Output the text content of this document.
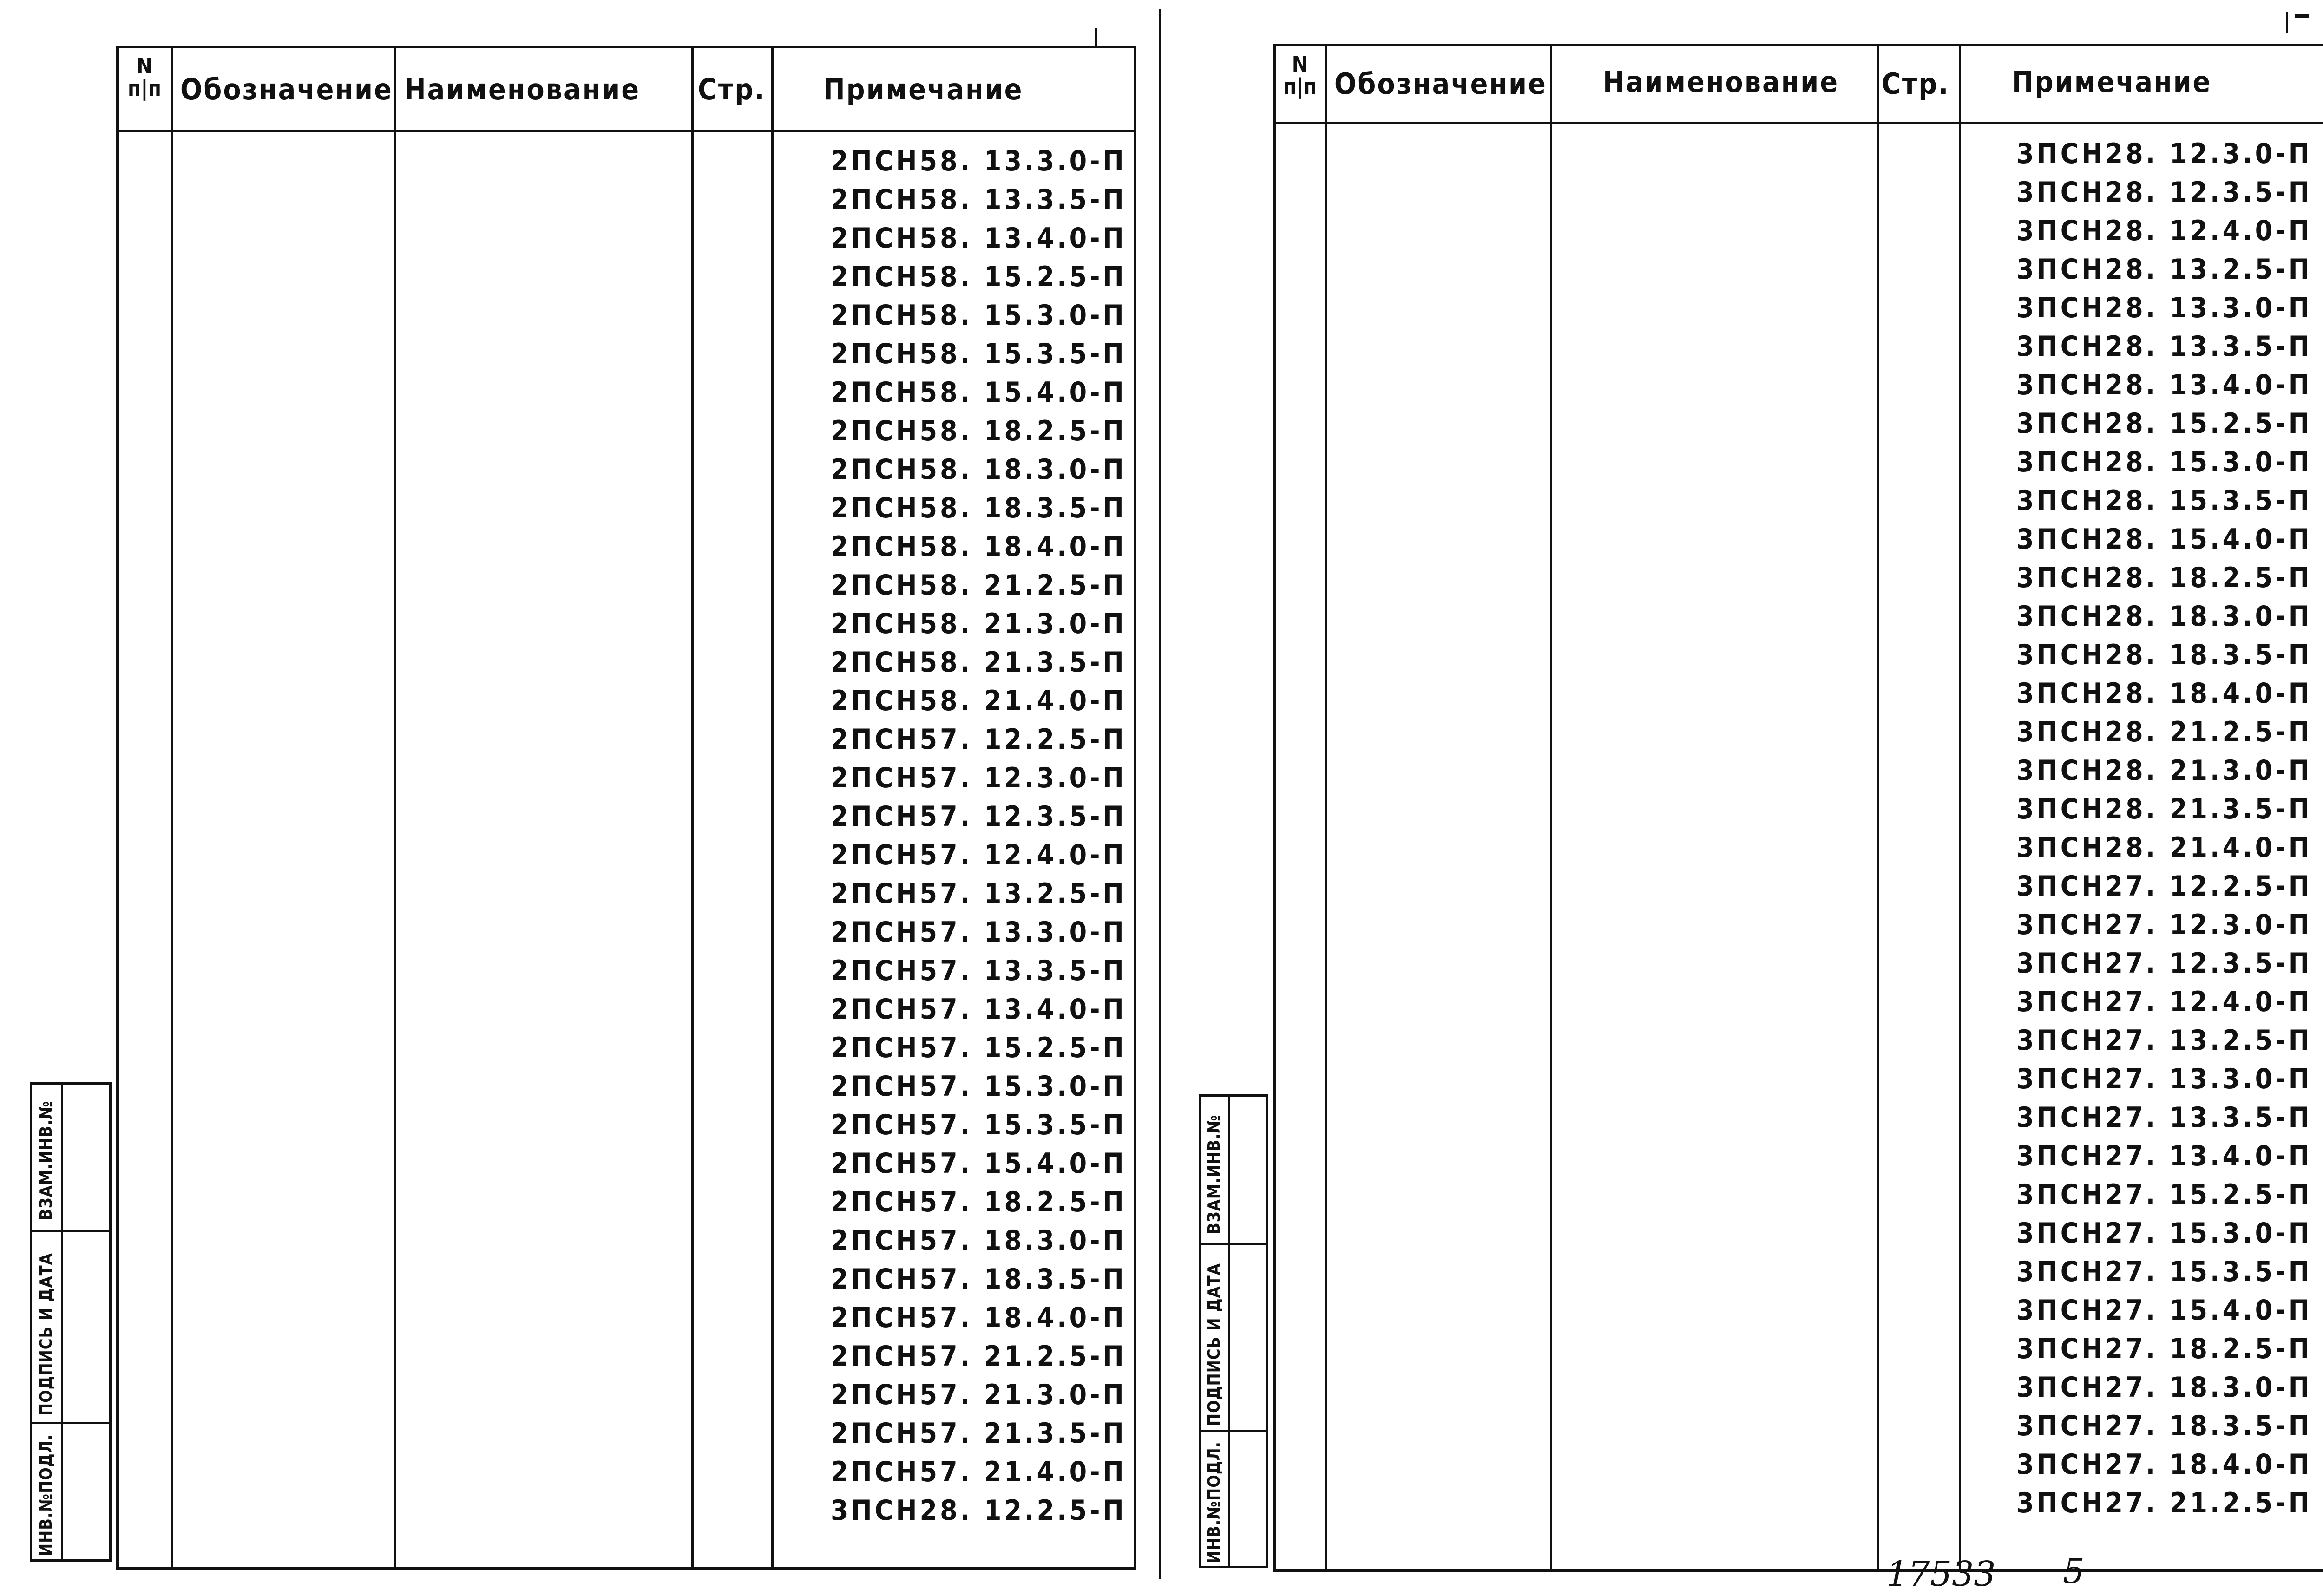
N
п|п Обозначение Наименование Стр. Примечание
2ПСН58. 13.3.0-П
2ПСН58. 13.3.5-П
2ПСН58. 13.4.0-П
2ПСН58. 15.2.5-П
2ПСН58. 15.3.0-П
2ПСН58. 15.3.5-П
2ПСН58. 15.4.0-П
2ПСН58. 18.2.5-П
2ПСН58. 18.3.0-П
2ПСН58. 18.3.5-П
2ПСН58. 18.4.0-П
2ПСН58. 21.2.5-П
2ПСН58. 21.3.0-П
2ПСН58. 21.3.5-П
2ПСН58. 21.4.0-П
2ПСН57. 12.2.5-П
2ПСН57. 12.3.0-П
2ПСН57. 12.3.5-П
2ПСН57. 12.4.0-П
2ПСН57. 13.2.5-П
2ПСН57. 13.3.0-П
2ПСН57. 13.3.5-П
2ПСН57. 13.4.0-П
2ПСН57. 15.2.5-П
2ПСН57. 15.3.0-П
2ПСН57. 15.3.5-П
2ПСН57. 15.4.0-П
2ПСН57. 18.2.5-П
2ПСН57. 18.3.0-П
2ПСН57. 18.3.5-П
2ПСН57. 18.4.0-П
2ПСН57. 21.2.5-П
2ПСН57. 21.3.0-П
2ПСН57. 21.3.5-П
2ПСН57. 21.4.0-П
3ПСН28. 12.2.5-П
ВЗАМ.ИНВ.№
ПОДПИСЬ И ДАТА
ИНВ.№ПОДЛ.
N
п|п Обозначение Наименование Стр. Примечание
3ПСН28. 12.3.0-П
3ПСН28. 12.3.5-П
3ПСН28. 12.4.0-П
3ПСН28. 13.2.5-П
3ПСН28. 13.3.0-П
3ПСН28. 13.3.5-П
3ПСН28. 13.4.0-П
3ПСН28. 15.2.5-П
3ПСН28. 15.3.0-П
3ПСН28. 15.3.5-П
3ПСН28. 15.4.0-П
3ПСН28. 18.2.5-П
3ПСН28. 18.3.0-П
3ПСН28. 18.3.5-П
3ПСН28. 18.4.0-П
3ПСН28. 21.2.5-П
3ПСН28. 21.3.0-П
3ПСН28. 21.3.5-П
3ПСН28. 21.4.0-П
3ПСН27. 12.2.5-П
3ПСН27. 12.3.0-П
3ПСН27. 12.3.5-П
3ПСН27. 12.4.0-П
3ПСН27. 13.2.5-П
3ПСН27. 13.3.0-П
3ПСН27. 13.3.5-П
3ПСН27. 13.4.0-П
3ПСН27. 15.2.5-П
3ПСН27. 15.3.0-П
3ПСН27. 15.3.5-П
3ПСН27. 15.4.0-П
3ПСН27. 18.2.5-П
3ПСН27. 18.3.0-П
3ПСН27. 18.3.5-П
3ПСН27. 18.4.0-П
3ПСН27. 21.2.5-П
ВЗАМ.ИНВ.№
ПОДПИСЬ И ДАТА
ИНВ.№ПОДЛ.
17533 5
